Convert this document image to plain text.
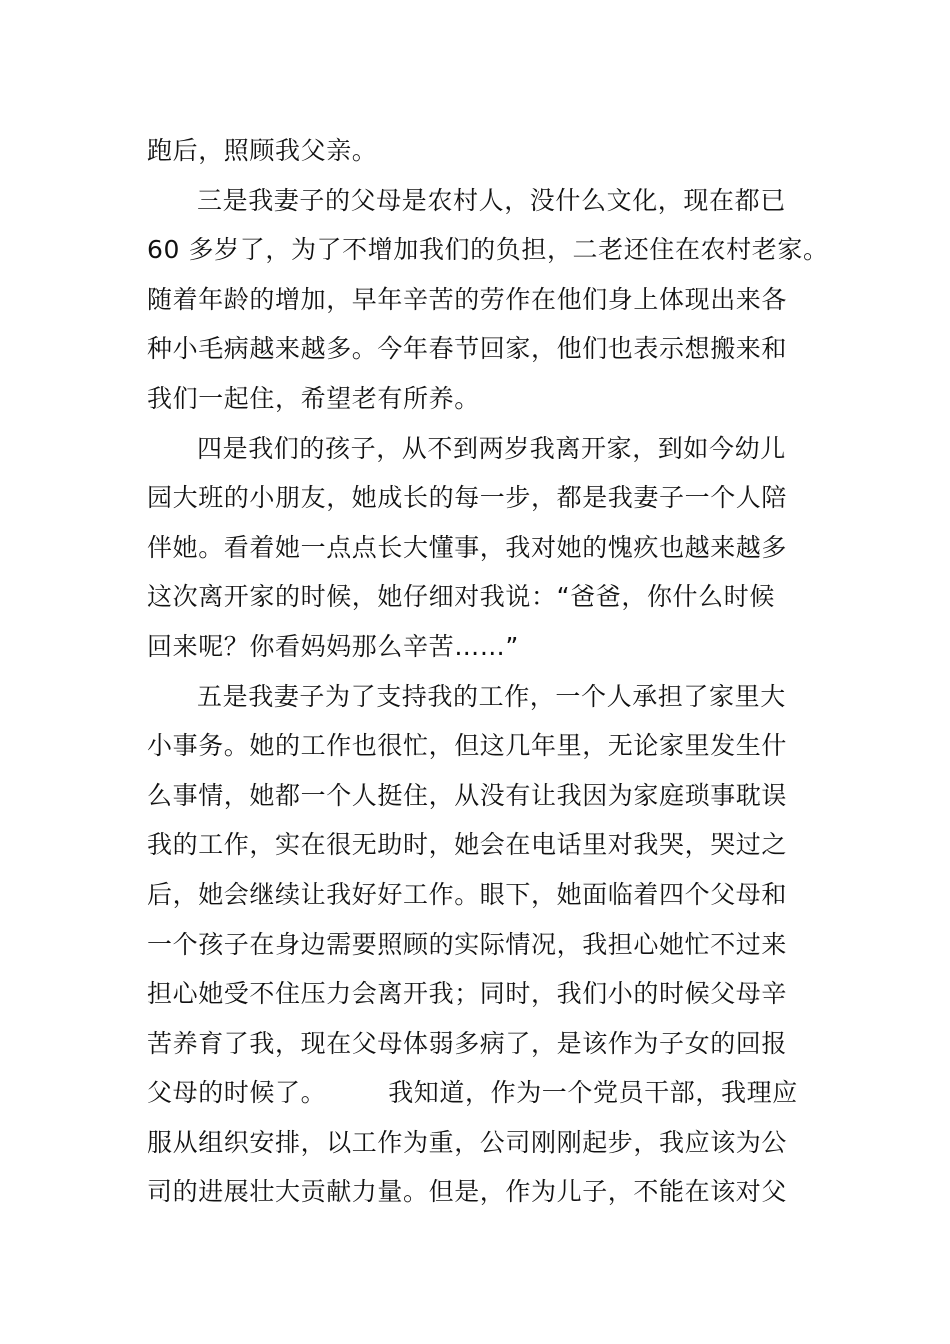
跑后，照顾我父亲。
三是我妻子的父母是农村人，没什么文化，现在都已
60 多岁了，为了不增加我们的负担，二老还住在农村老家。
随着年龄的增加，早年辛苦的劳作在他们身上体现出来各
种小毛病越来越多。今年春节回家，他们也表示想搬来和
我们一起住，希望老有所养。
四是我们的孩子，从不到两岁我离开家，到如今幼儿
园大班的小朋友，她成长的每一步，都是我妻子一个人陪
伴她。看着她一点点长大懂事，我对她的愧疚也越来越多
这次离开家的时候，她仔细对我说：“爸爸，你什么时候
回来呢？你看妈妈那么辛苦……”
五是我妻子为了支持我的工作，一个人承担了家里大
小事务。她的工作也很忙，但这几年里，无论家里发生什
么事情，她都一个人挺住，从没有让我因为家庭琐事耽误
我的工作，实在很无助时，她会在电话里对我哭，哭过之
后，她会继续让我好好工作。眼下，她面临着四个父母和
一个孩子在身边需要照顾的实际情况，我担心她忙不过来
担心她受不住压力会离开我；同时，我们小的时候父母辛
苦养育了我，现在父母体弱多病了，是该作为子女的回报
父母的时候了。 我知道，作为一个党员干部，我理应
服从组织安排，以工作为重，公司刚刚起步，我应该为公
司的进展壮大贡献力量。但是，作为儿子，不能在该对父
